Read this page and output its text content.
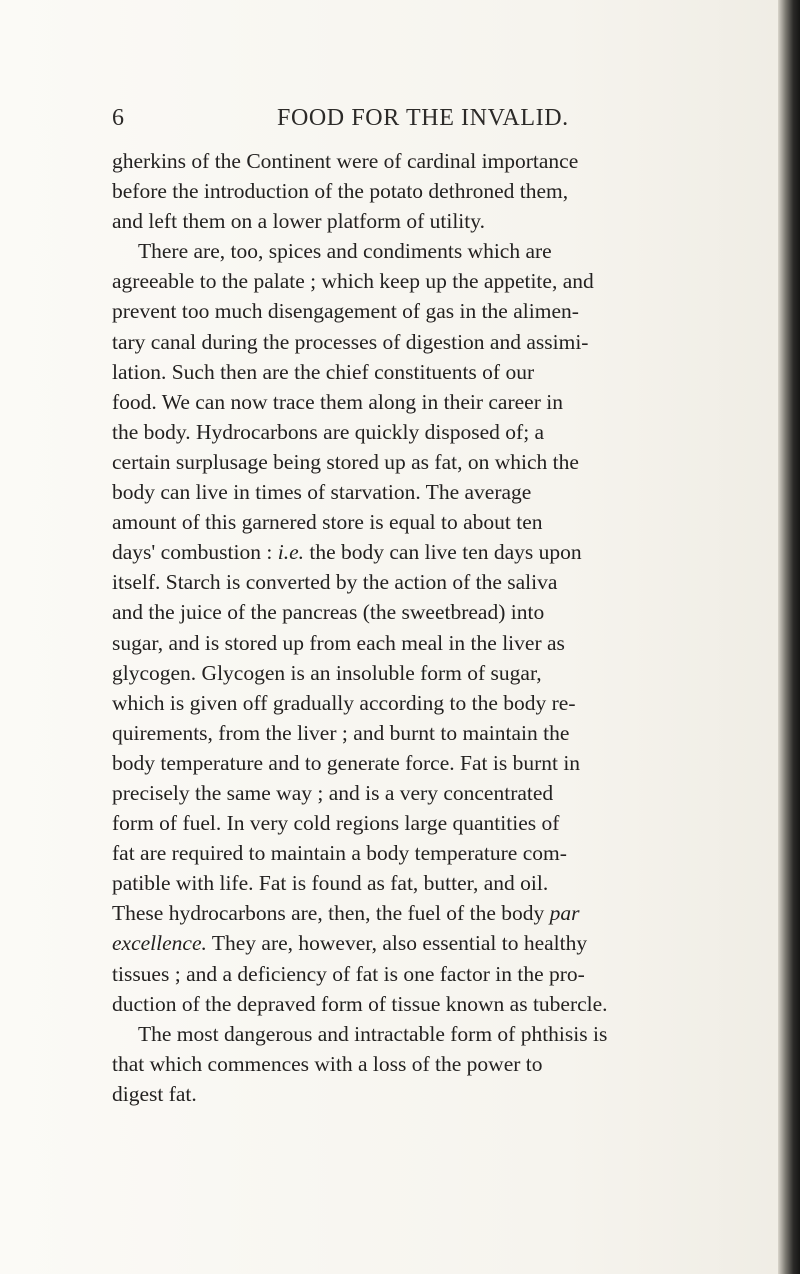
6	FOOD FOR THE INVALID.
gherkins of the Continent were of cardinal importance
before the introduction of the potato dethroned them,
and left them on a lower platform of utility.
There are, too, spices and condiments which are
agreeable to the palate ; which keep up the appetite, and
prevent too much disengagement of gas in the alimen-
tary canal during the processes of digestion and assimi-
lation. Such then are the chief constituents of our
food. We can now trace them along in their career in
the body. Hydrocarbons are quickly disposed of; a
certain surplusage being stored up as fat, on which the
body can live in times of starvation. The average
amount of this garnered store is equal to about ten
days' combustion : i.e. the body can live ten days upon
itself. Starch is converted by the action of the saliva
and the juice of the pancreas (the sweetbread) into
sugar, and is stored up from each meal in the liver as
glycogen. Glycogen is an insoluble form of sugar,
which is given off gradually according to the body re-
quirements, from the liver ; and burnt to maintain the
body temperature and to generate force. Fat is burnt in
precisely the same way ; and is a very concentrated
form of fuel. In very cold regions large quantities of
fat are required to maintain a body temperature com-
patible with life. Fat is found as fat, butter, and oil.
These hydrocarbons are, then, the fuel of the body par
excellence. They are, however, also essential to healthy
tissues ; and a deficiency of fat is one factor in the pro-
duction of the depraved form of tissue known as tubercle.
The most dangerous and intractable form of phthisis is
that which commences with a loss of the power to
digest fat.
